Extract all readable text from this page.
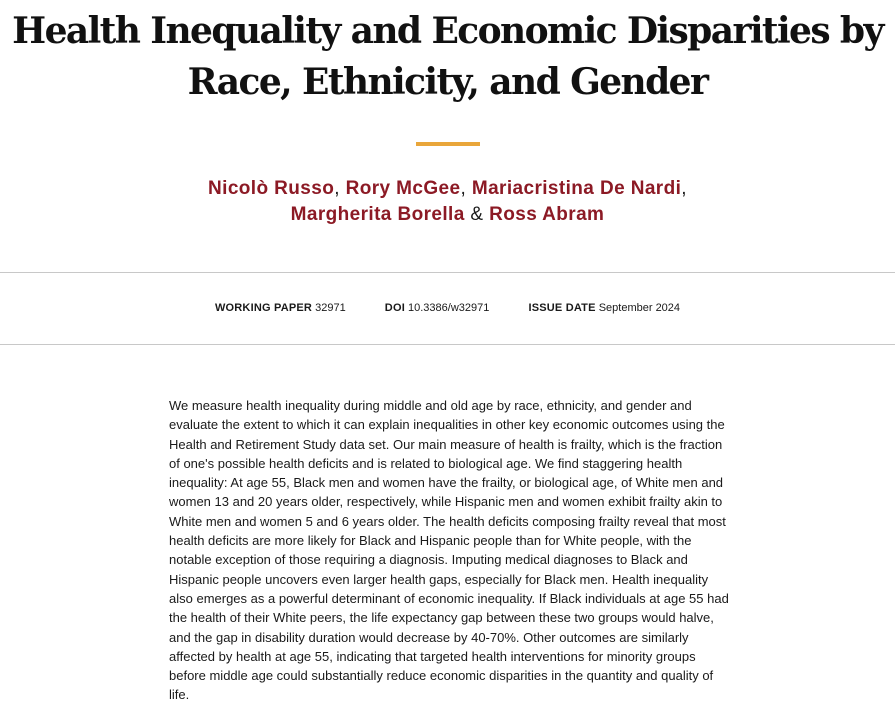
Health Inequality and Economic Disparities by
Race, Ethnicity, and Gender
Nicolò Russo, Rory McGee, Mariacristina De Nardi,
Margherita Borella & Ross Abram
WORKING PAPER 32971	DOI 10.3386/w32971	ISSUE DATE September 2024

We measure health inequality during middle and old age by race, ethnicity, and gender and evaluate the extent to which it can explain inequalities in other key economic outcomes using the Health and Retirement Study data set. Our main measure of health is frailty, which is the fraction of one's possible health deficits and is related to biological age. We find staggering health inequality: At age 55, Black men and women have the frailty, or biological age, of White men and women 13 and 20 years older, respectively, while Hispanic men and women exhibit frailty akin to White men and women 5 and 6 years older. The health deficits composing frailty reveal that most health deficits are more likely for Black and Hispanic people than for White people, with the notable exception of those requiring a diagnosis. Imputing medical diagnoses to Black and Hispanic people uncovers even larger health gaps, especially for Black men. Health inequality also emerges as a powerful determinant of economic inequality. If Black individuals at age 55 had the health of their White peers, the life expectancy gap between these two groups would halve, and the gap in disability duration would decrease by 40-70%. Other outcomes are similarly affected by health at age 55, indicating that targeted health interventions for minority groups before middle age could substantially reduce economic disparities in the quantity and quality of life.
